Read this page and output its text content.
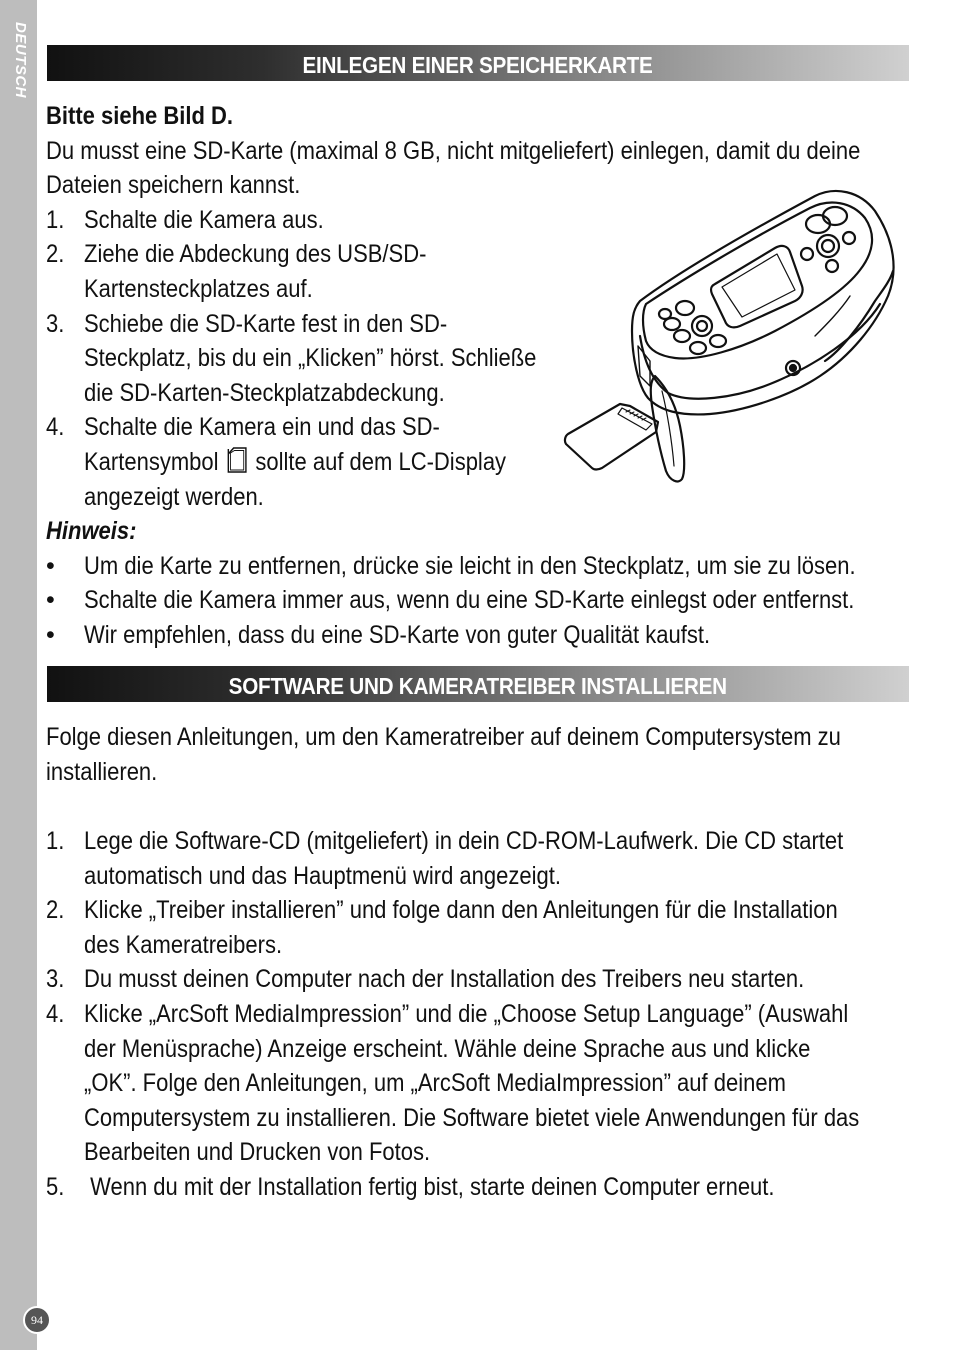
DEUTSCH	EINLEGEN EINER SPEICHERKARTE

Bitte siehe Bild D.

Du musst eine SD-Karte (maximal 8 GB, nicht mitgeliefert) einlegen, damit du deine

Dateien speichern kannst.

1. Schalte die Kamera aus.

2. Ziehe die Abdeckung des USB/SD-

Kartensteckplatzes auf.

3. Schiebe die SD-Karte fest in den SD-

Steckplatz, bis du ein „Klicken” hörst. Schließe

die SD-Karten-Steckplatzabdeckung.

4. Schalte die Kamera ein und das SD-

Kartensymbol sollte auf dem LC-Display

angezeigt werden.

Hinweis:

• Um die Karte zu entfernen, drücke sie leicht in den Steckplatz, um sie zu lösen.

• Schalte die Kamera immer aus, wenn du eine SD-Karte einlegst oder entfernst.

• Wir empfehlen, dass du eine SD-Karte von guter Qualität kaufst.

SOFTWARE UND KAMERATREIBER INSTALLIEREN

Folge diesen Anleitungen, um den Kameratreiber auf deinem Computersystem zu

installieren.

1. Lege die Software-CD (mitgeliefert) in dein CD-ROM-Laufwerk. Die CD startet

automatisch und das Hauptmenü wird angezeigt.

2. Klicke „Treiber installieren” und folge dann den Anleitungen für die Installation

des Kameratreibers.

3. Du musst deinen Computer nach der Installation des Treibers neu starten.

4. Klicke „ArcSoft MediaImpression” und die „Choose Setup Language” (Auswahl

der Menüsprache) Anzeige erscheint. Wähle deine Sprache aus und klicke

„OK”. Folge den Anleitungen, um „ArcSoft MediaImpression” auf deinem

Computersystem zu installieren. Die Software bietet viele Anwendungen für das

Bearbeiten und Drucken von Fotos.

5. Wenn du mit der Installation fertig bist, starte deinen Computer erneut.

94
